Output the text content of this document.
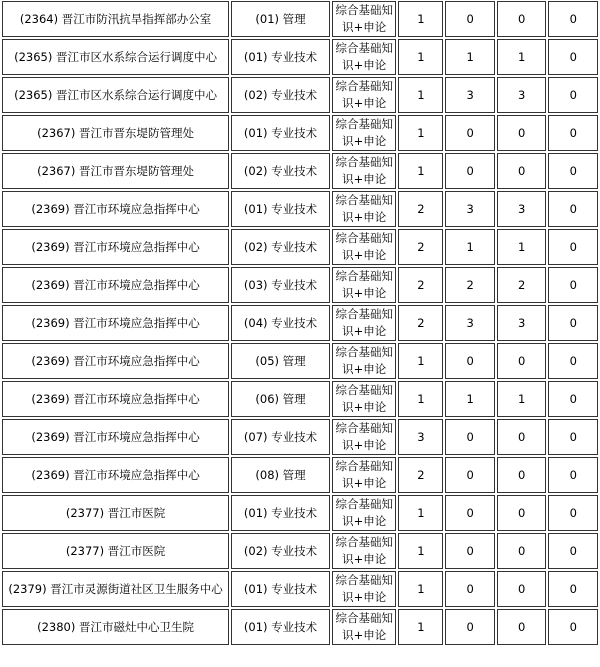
(2364) 晋江市防汛抗旱指挥部办公室	(01) 管理	综合基础知识+申论	1	0	0	0
(2365) 晋江市区水系综合运行调度中心	(01) 专业技术	综合基础知识+申论	1	1	1	0
(2365) 晋江市区水系综合运行调度中心	(02) 专业技术	综合基础知识+申论	1	3	3	0
(2367) 晋江市晋东堤防管理处	(01) 专业技术	综合基础知识+申论	1	0	0	0
(2367) 晋江市晋东堤防管理处	(02) 专业技术	综合基础知识+申论	1	0	0	0
(2369) 晋江市环境应急指挥中心	(01) 专业技术	综合基础知识+申论	2	3	3	0
(2369) 晋江市环境应急指挥中心	(02) 专业技术	综合基础知识+申论	2	1	1	0
(2369) 晋江市环境应急指挥中心	(03) 专业技术	综合基础知识+申论	2	2	2	0
(2369) 晋江市环境应急指挥中心	(04) 专业技术	综合基础知识+申论	2	3	3	0
(2369) 晋江市环境应急指挥中心	(05) 管理	综合基础知识+申论	1	0	0	0
(2369) 晋江市环境应急指挥中心	(06) 管理	综合基础知识+申论	1	1	1	0
(2369) 晋江市环境应急指挥中心	(07) 专业技术	综合基础知识+申论	3	0	0	0
(2369) 晋江市环境应急指挥中心	(08) 管理	综合基础知识+申论	2	0	0	0
(2377) 晋江市医院	(01) 专业技术	综合基础知识+申论	1	0	0	0
(2377) 晋江市医院	(02) 专业技术	综合基础知识+申论	1	0	0	0
(2379) 晋江市灵源街道社区卫生服务中心	(01) 专业技术	综合基础知识+申论	1	0	0	0
(2380) 晋江市磁灶中心卫生院	(01) 专业技术	综合基础知识+申论	1	0	0	0
